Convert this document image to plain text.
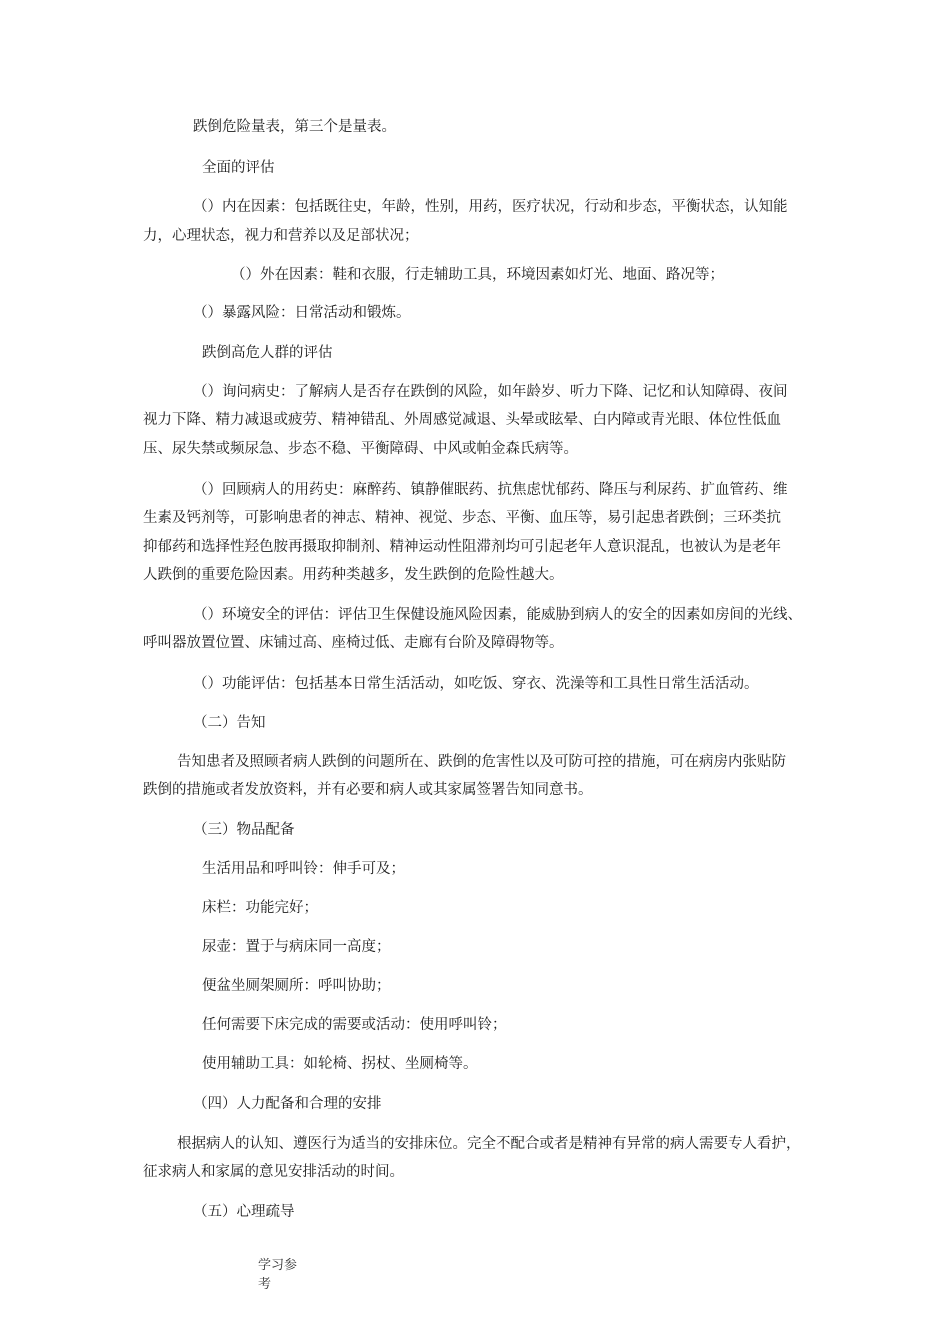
跌倒危险量表，第三个是量表。
全面的评估
（）内在因素：包括既往史，年龄，性别，用药，医疗状况，行动和步态，平衡状态，认知能
力，心理状态，视力和营养以及足部状况；
（）外在因素：鞋和衣服，行走辅助工具，环境因素如灯光、地面、路况等；
（）暴露风险：日常活动和锻炼。
跌倒高危人群的评估
（）询问病史：了解病人是否存在跌倒的风险，如年龄岁、听力下降、记忆和认知障碍、夜间
视力下降、精力减退或疲劳、精神错乱、外周感觉减退、头晕或眩晕、白内障或青光眼、体位性低血
压、尿失禁或频尿急、步态不稳、平衡障碍、中风或帕金森氏病等。
（）回顾病人的用药史：麻醉药、镇静催眠药、抗焦虑忧郁药、降压与利尿药、扩血管药、维
生素及钙剂等，可影响患者的神志、精神、视觉、步态、平衡、血压等，易引起患者跌倒；三环类抗
抑郁药和选择性羟色胺再摄取抑制剂、精神运动性阻滞剂均可引起老年人意识混乱，也被认为是老年
人跌倒的重要危险因素。用药种类越多，发生跌倒的危险性越大。
（）环境安全的评估：评估卫生保健设施风险因素，能威胁到病人的安全的因素如房间的光线、
呼叫器放置位置、床铺过高、座椅过低、走廊有台阶及障碍物等。
（）功能评估：包括基本日常生活活动，如吃饭、穿衣、洗澡等和工具性日常生活活动。
（二）告知
告知患者及照顾者病人跌倒的问题所在、跌倒的危害性以及可防可控的措施，可在病房内张贴防
跌倒的措施或者发放资料，并有必要和病人或其家属签署告知同意书。
（三）物品配备
生活用品和呼叫铃：伸手可及；
床栏：功能完好；
尿壶：置于与病床同一高度；
便盆坐厕架厕所：呼叫协助；
任何需要下床完成的需要或活动：使用呼叫铃；
使用辅助工具：如轮椅、拐杖、坐厕椅等。
（四）人力配备和合理的安排
根据病人的认知、遵医行为适当的安排床位。完全不配合或者是精神有异常的病人需要专人看护，
征求病人和家属的意见安排活动的时间。
（五）心理疏导
学习参考
